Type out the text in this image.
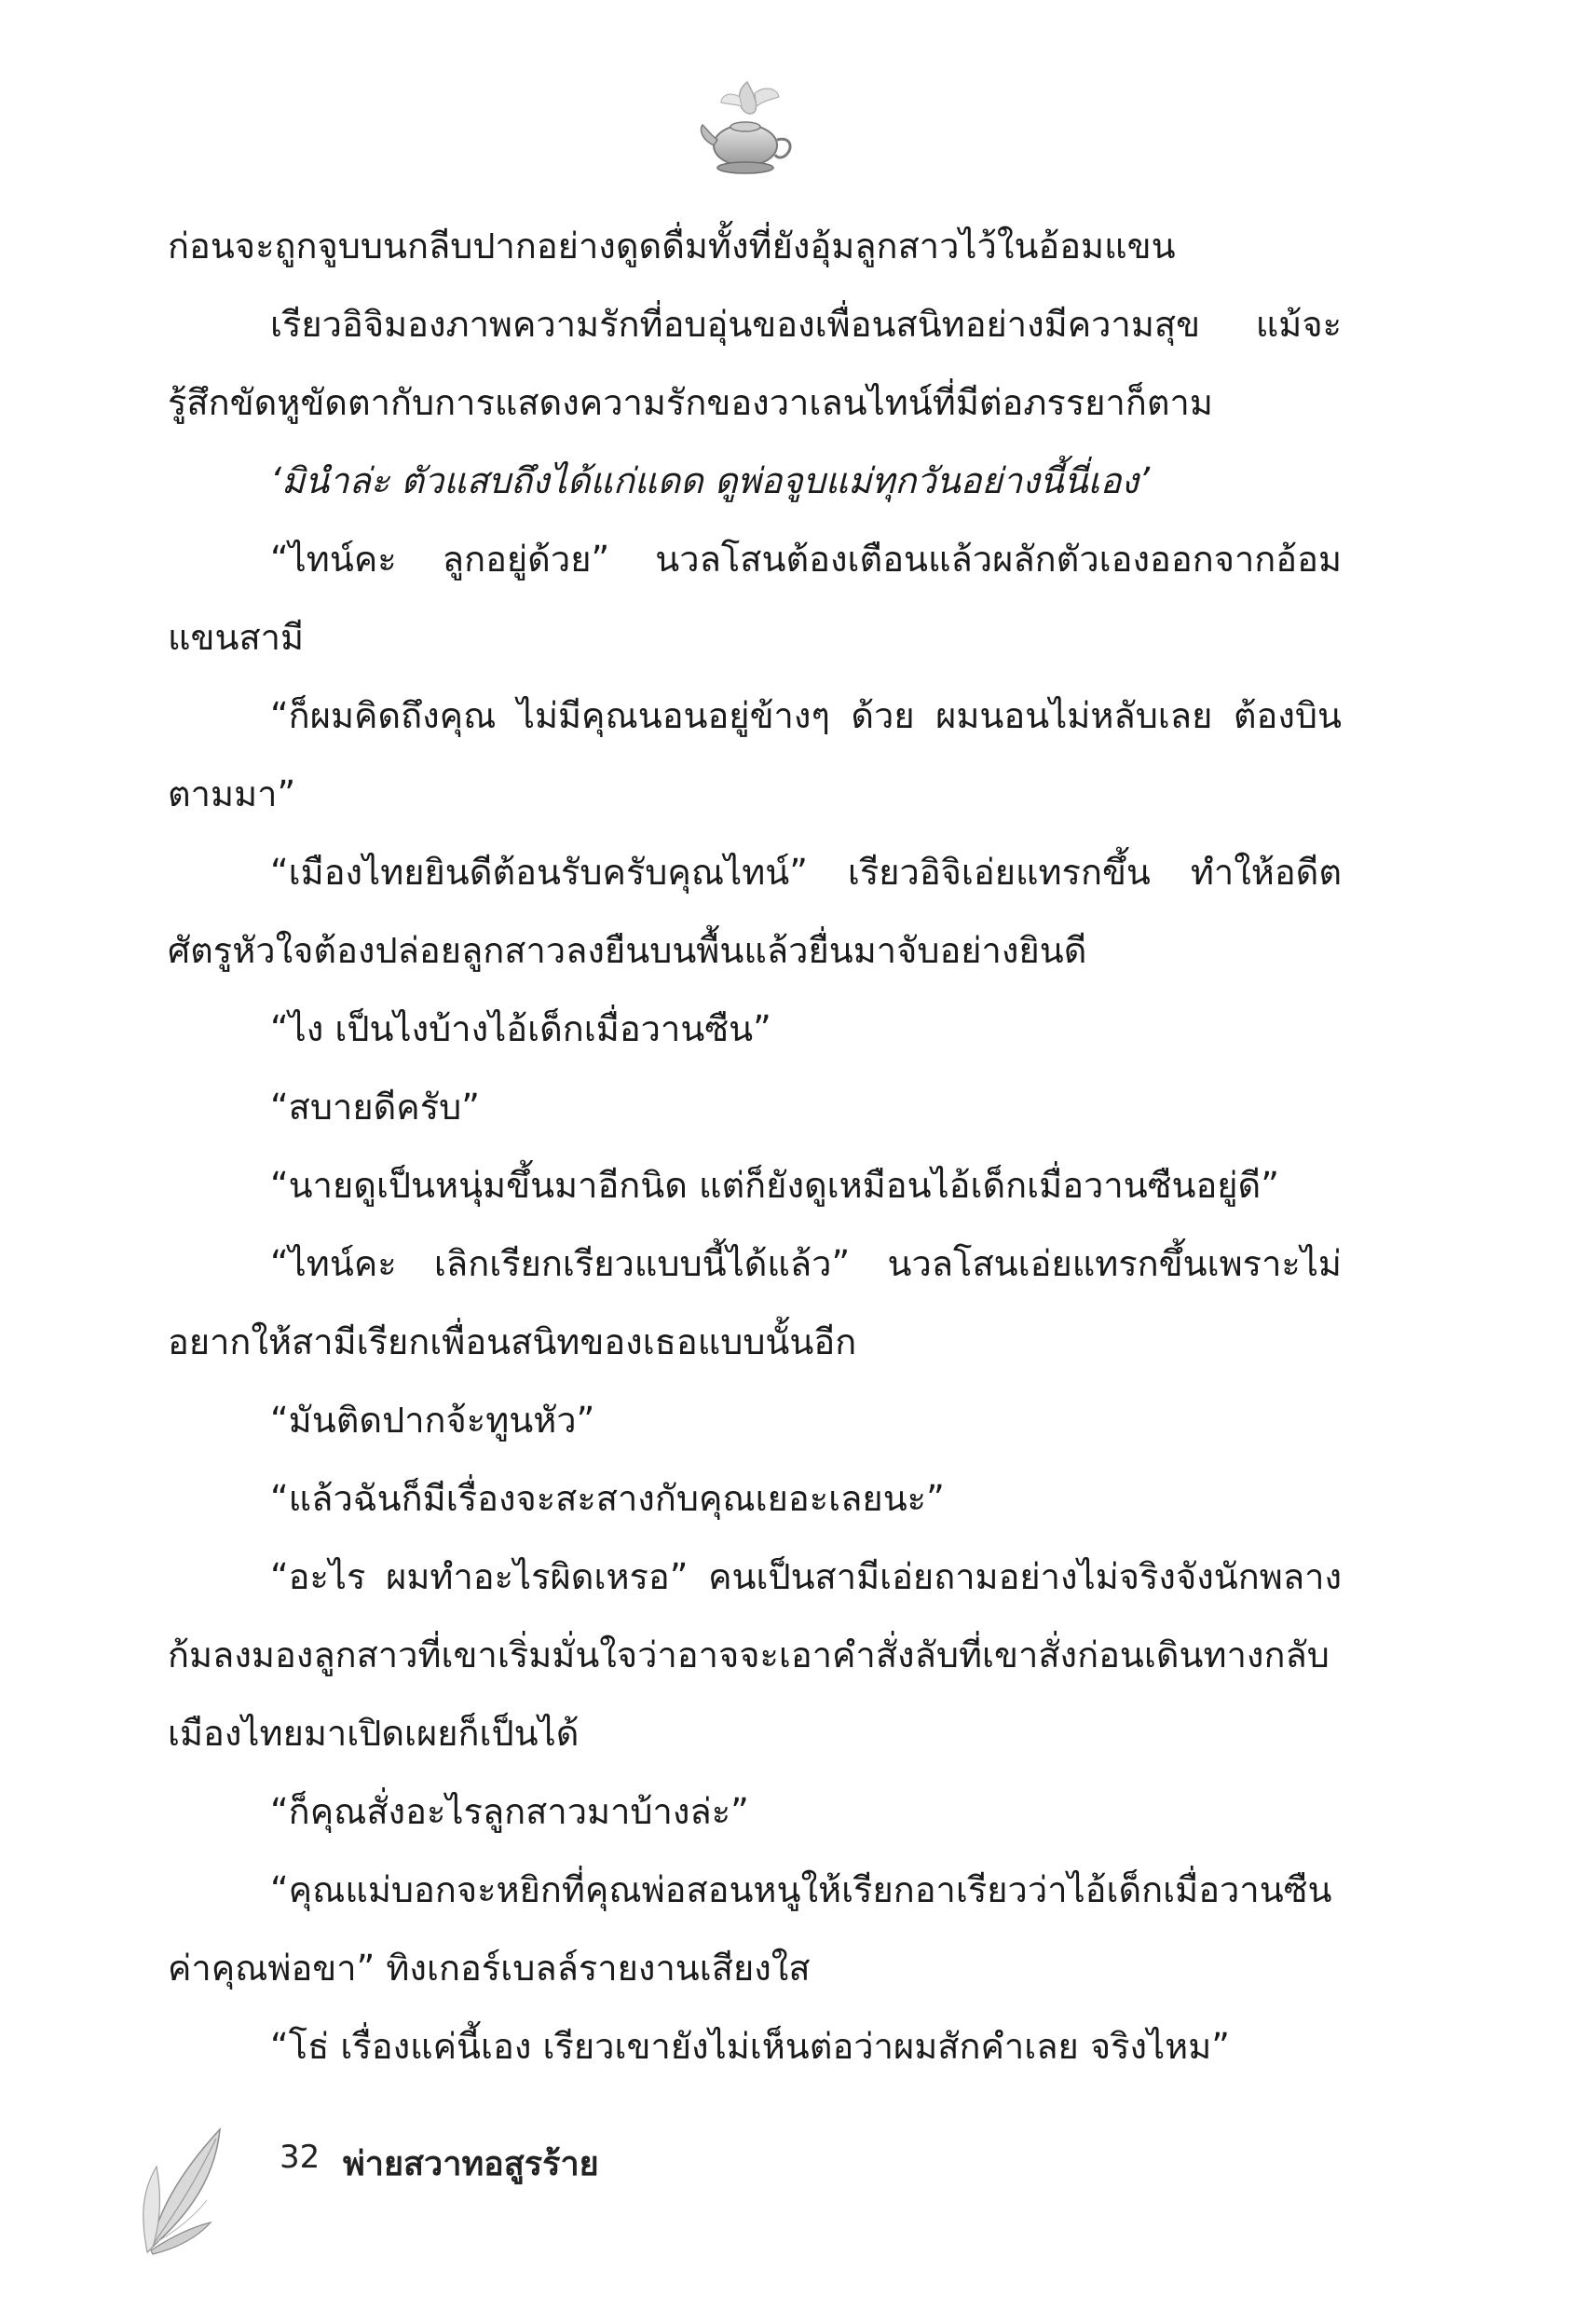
ก่อนจะถูกจูบบนกลีบปากอย่างดูดดื่มทั้งที่ยังอุ้มลูกสาวไว้ในอ้อมแขน

เรียวอิจิมองภาพความรักที่อบอุ่นของเพื่อนสนิทอย่างมีความสุข แม้จะรู้สึกขัดหูขัดตากับการแสดงความรักของวาเลนไทน์ที่มีต่อภรรยาก็ตาม

‘มินำล่ะ ตัวแสบถึงได้แก่แดด ดูพ่อจูบแม่ทุกวันอย่างนี้นี่เอง’

“ไทน์คะ ลูกอยู่ด้วย” นวลโสนต้องเตือนแล้วผลักตัวเองออกจากอ้อมแขนสามี

“ก็ผมคิดถึงคุณ ไม่มีคุณนอนอยู่ข้างๆ ด้วย ผมนอนไม่หลับเลย ต้องบินตามมา”

“เมืองไทยยินดีต้อนรับครับคุณไทน์” เรียวอิจิเอ่ยแทรกขึ้น ทำให้อดีตศัตรูหัวใจต้องปล่อยลูกสาวลงยืนบนพื้นแล้วยื่นมาจับอย่างยินดี

“ไง เป็นไงบ้างไอ้เด็กเมื่อวานซืน”

“สบายดีครับ”

“นายดูเป็นหนุ่มขึ้นมาอีกนิด แต่ก็ยังดูเหมือนไอ้เด็กเมื่อวานซืนอยู่ดี”

“ไทน์คะ เลิกเรียกเรียวแบบนี้ได้แล้ว” นวลโสนเอ่ยแทรกขึ้นเพราะไม่อยากให้สามีเรียกเพื่อนสนิทของเธอแบบนั้นอีก

“มันติดปากจ้ะทูนหัว”

“แล้วฉันก็มีเรื่องจะสะสางกับคุณเยอะเลยนะ”

“อะไร ผมทำอะไรผิดเหรอ” คนเป็นสามีเอ่ยถามอย่างไม่จริงจังนักพลางก้มลงมองลูกสาวที่เขาเริ่มมั่นใจว่าอาจจะเอาคำสั่งลับที่เขาสั่งก่อนเดินทางกลับเมืองไทยมาเปิดเผยก็เป็นได้

“ก็คุณสั่งอะไรลูกสาวมาบ้างล่ะ”

“คุณแม่บอกจะหยิกที่คุณพ่อสอนหนูให้เรียกอาเรียวว่าไอ้เด็กเมื่อวานซืนค่าคุณพ่อขา” ทิงเกอร์เบลล์รายงานเสียงใส

“โธ่ เรื่องแค่นี้เอง เรียวเขายังไม่เห็นต่อว่าผมสักคำเลย จริงไหม”

32 พ่ายสวาทอสูรร้าย
